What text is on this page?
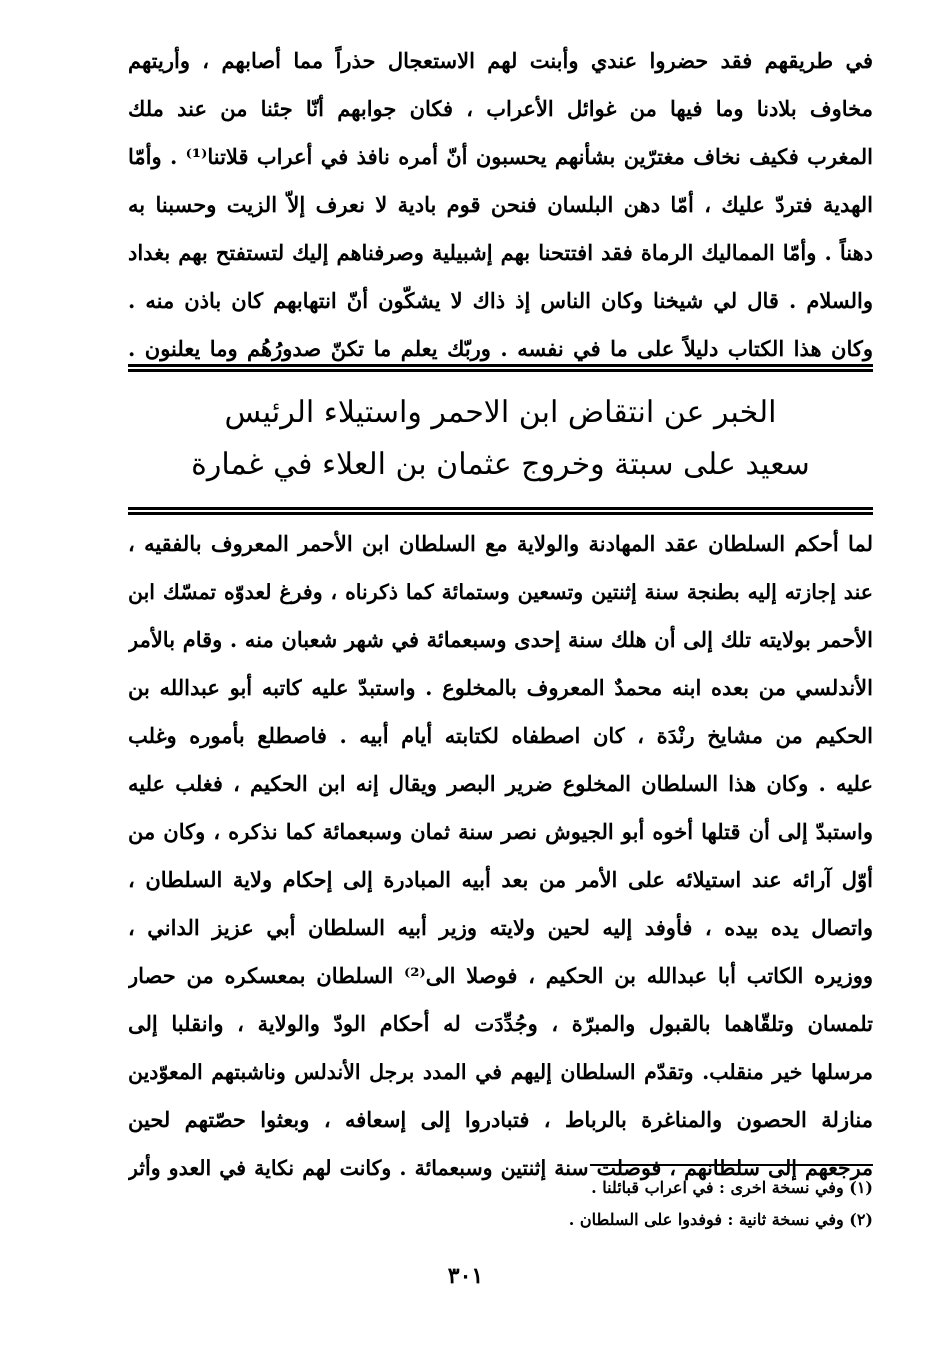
في طريقهم فقد حضروا عندي وأبنت لهم الاستعجال حذراً مما أصابهم ، وأريتهم
مخاوف بلادنا وما فيها من غوائل الأعراب ، فكان جوابهم أنّا جئنا من عند ملك
المغرب فكيف نخاف مغترّين بشأنهم يحسبون أنّ أمره نافذ في أعراب قلاتنا⁽¹⁾ . وأمّا
الهدية فتردّ عليك ، أمّا دهن البلسان فنحن قوم بادية لا نعرف إلاّ الزيت وحسبنا به
دهناً . وأمّا المماليك الرماة فقد افتتحنا بهم إشبيلية وصرفناهم إليك لتستفتح بهم بغداد
والسلام . قال لي شيخنا وكان الناس إذ ذاك لا يشكّون أنّ انتهابهم كان باذن منه .
وكان هذا الكتاب دليلاً على ما في نفسه . وربّك يعلم ما تكنّ صدورُهُم وما يعلنون .
الخبر عن انتقاض ابن الاحمر واستيلاء الرئيس
سعيد على سبتة وخروج عثمان بن العلاء في غمارة
لما أحكم السلطان عقد المهادنة والولاية مع السلطان ابن الأحمر المعروف بالفقيه ،
عند إجازته إليه بطنجة سنة إثنتين وتسعين وستمائة كما ذكرناه ، وفرغ لعدوّه تمسّك ابن
الأحمر بولايته تلك إلى أن هلك سنة إحدى وسبعمائة في شهر شعبان منه . وقام بالأمر
الأندلسي من بعده ابنه محمدٌ المعروف بالمخلوع . واستبدّ عليه كاتبه أبو عبدالله بن
الحكيم من مشايخ رنْدَة ، كان اصطفاه لكتابته أيام أبيه . فاصطلع بأموره وغلب
عليه . وكان هذا السلطان المخلوع ضرير البصر ويقال إنه ابن الحكيم ، فغلب عليه
واستبدّ إلى أن قتلها أخوه أبو الجيوش نصر سنة ثمان وسبعمائة كما نذكره ، وكان من
أوّل آرائه عند استيلائه على الأمر من بعد أبيه المبادرة إلى إحكام ولاية السلطان ،
واتصال يده بيده ، فأوفد إليه لحين ولايته وزير أبيه السلطان أبي عزيز الداني ،
ووزيره الكاتب أبا عبدالله بن الحكيم ، فوصلا الى⁽²⁾ السلطان بمعسكره من حصار
تلمسان وتلقّاهما بالقبول والمبرّة ، وجُدِّدَت له أحكام الودّ والولاية ، وانقلبا إلى
مرسلها خير منقلب. وتقدّم السلطان إليهم في المدد برجل الأندلس وناشبتهم المعوّدين
منازلة الحصون والمناغرة بالرباط ، فتبادروا إلى إسعافه ، وبعثوا حصّتهم لحين
مرجعهم إلى سلطانهم ، فوصلت سنة إثنتين وسبعمائة . وكانت لهم نكاية في العدو وأثر
(١) وفي نسخة اخرى : في اعراب قبائلنا .
(٢) وفي نسخة ثانية : فوفدوا على السلطان .
٣٠١
